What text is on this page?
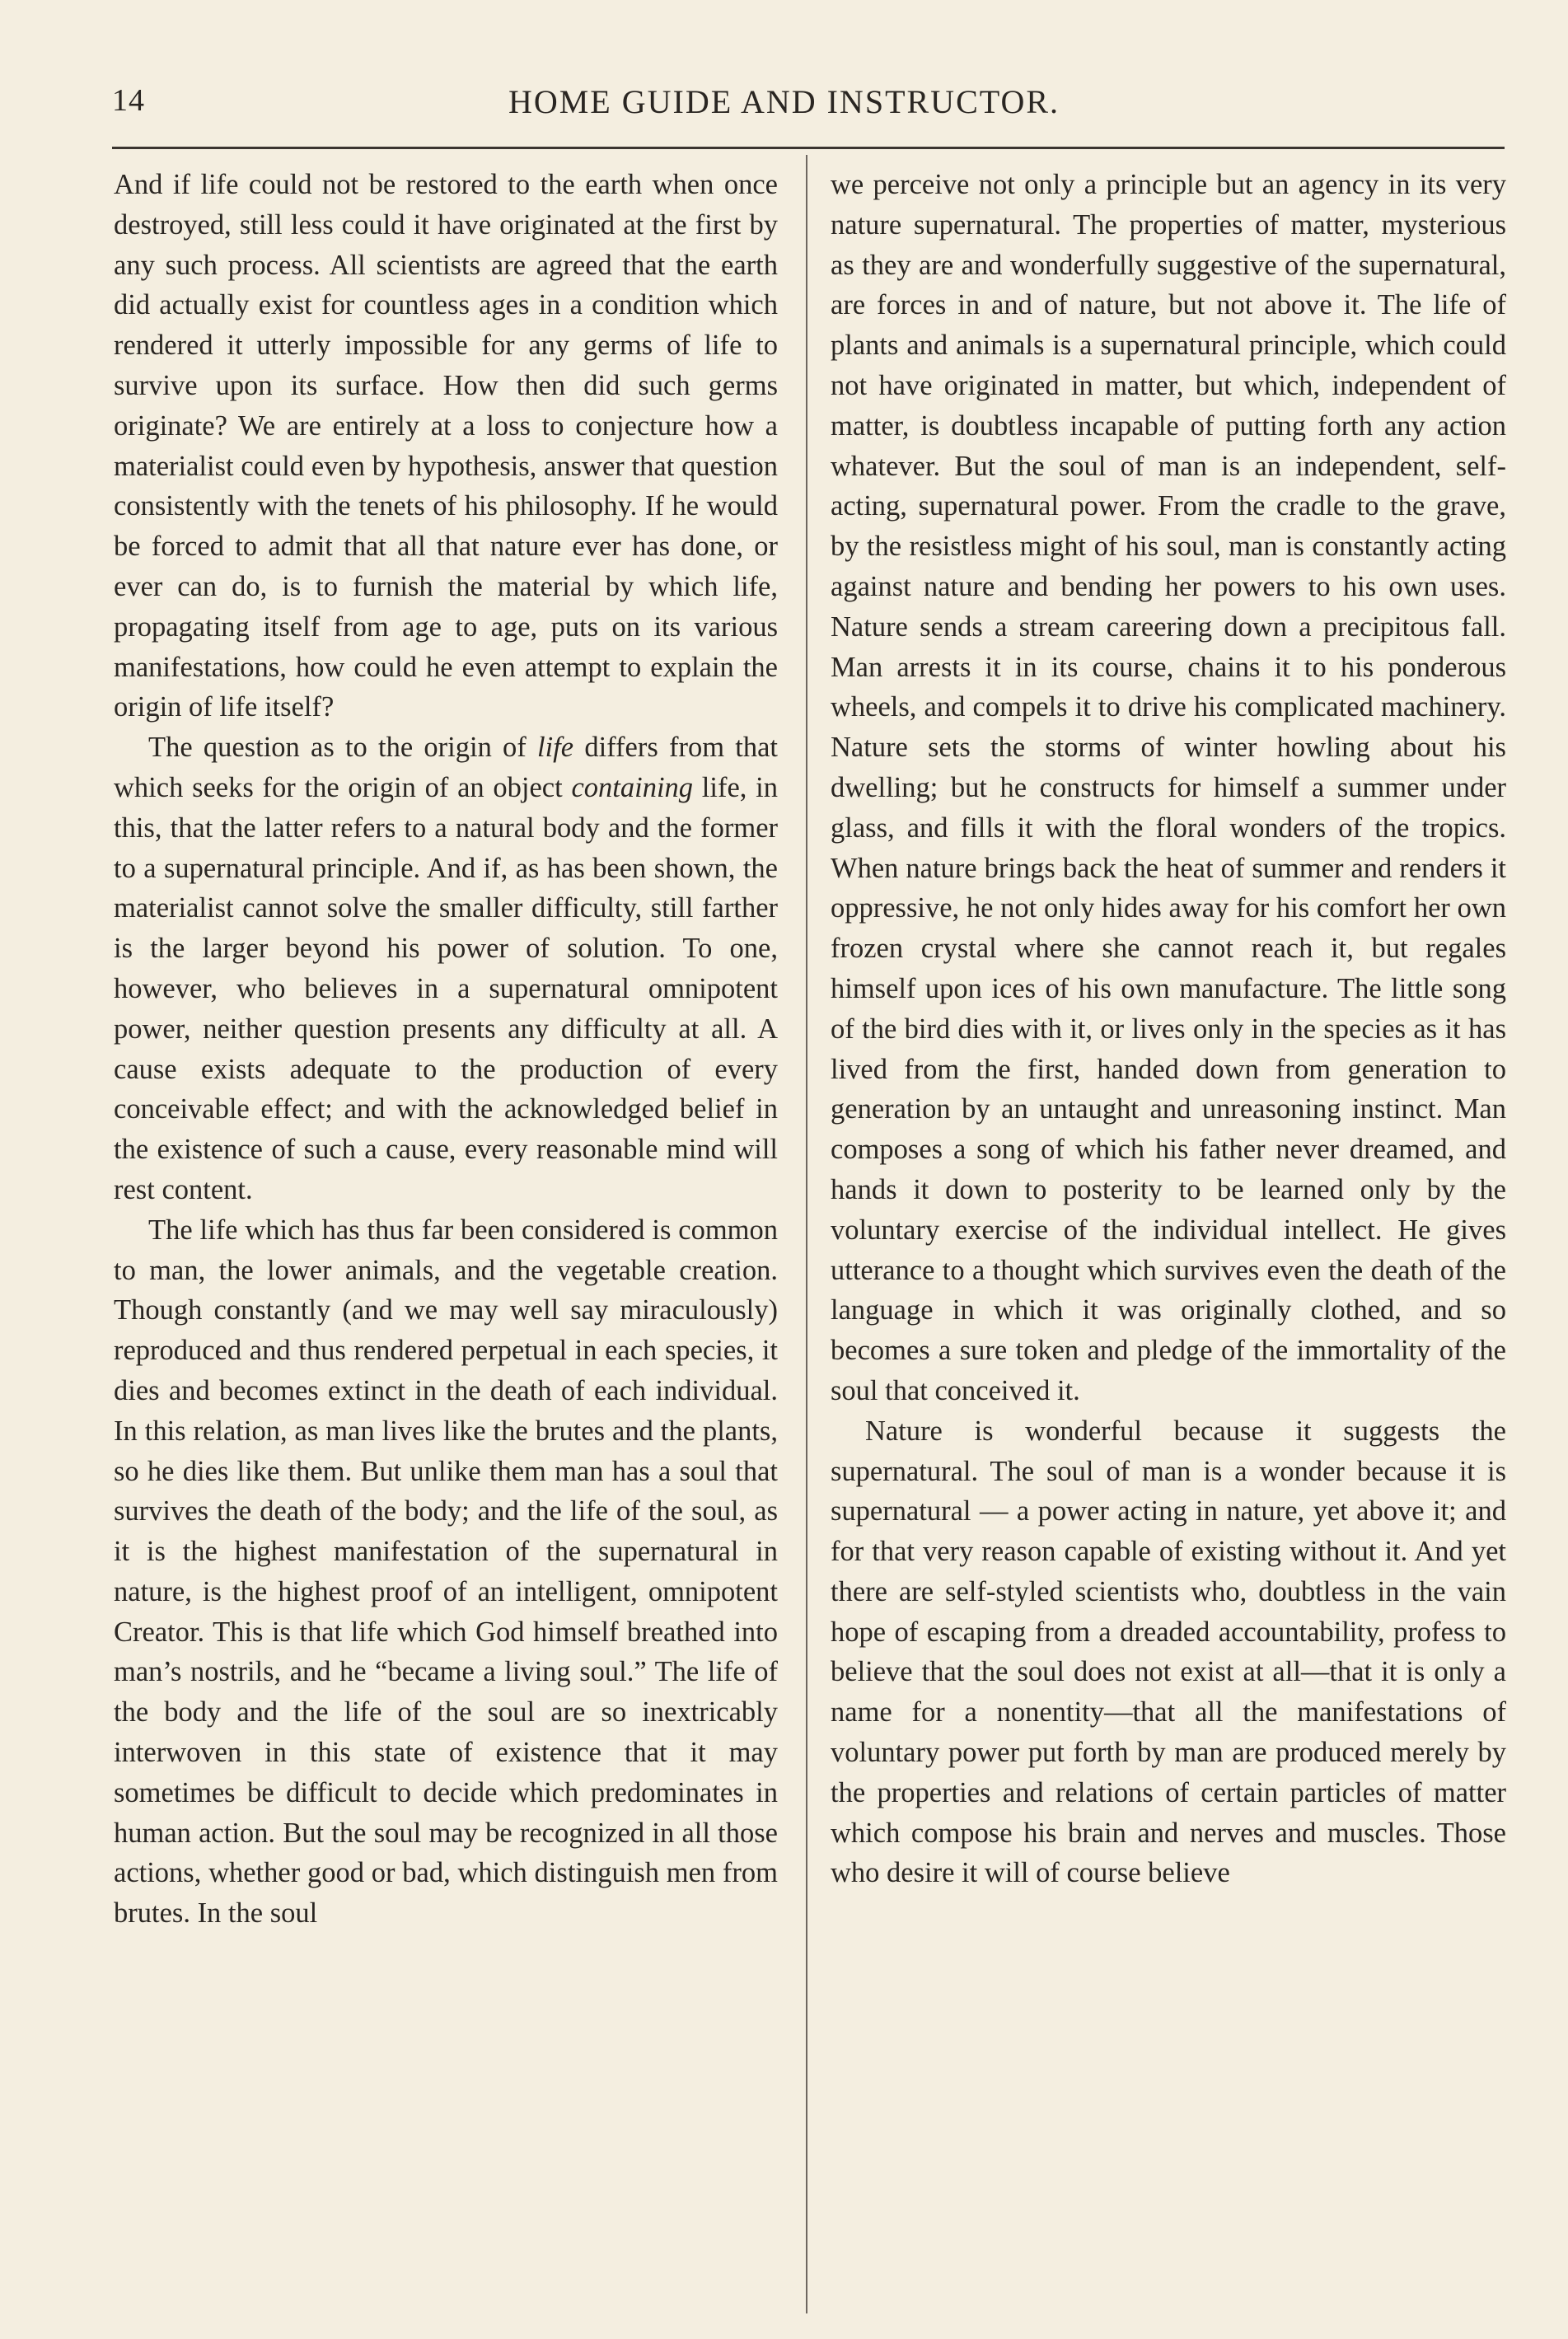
14	HOME GUIDE AND INSTRUCTOR.

And if life could not be restored to the earth when once destroyed, still less could it have originated at the first by any such process. All scientists are agreed that the earth did actually exist for countless ages in a condition which rendered it utterly impossible for any germs of life to survive upon its surface. How then did such germs originate? We are entirely at a loss to conjecture how a materialist could even by hypothesis, answer that question consistently with the tenets of his philosophy. If he would be forced to admit that all that nature ever has done, or ever can do, is to furnish the material by which life, propagating itself from age to age, puts on its various manifestations, how could he even attempt to explain the origin of life itself?

The question as to the origin of life differs from that which seeks for the origin of an object containing life, in this, that the latter refers to a natural body and the former to a supernatural principle. And if, as has been shown, the materialist cannot solve the smaller difficulty, still farther is the larger beyond his power of solution. To one, however, who believes in a supernatural omnipotent power, neither question presents any difficulty at all. A cause exists adequate to the production of every conceivable effect; and with the acknowledged belief in the existence of such a cause, every reasonable mind will rest content.

The life which has thus far been considered is common to man, the lower animals, and the vegetable creation. Though constantly (and we may well say miraculously) reproduced and thus rendered perpetual in each species, it dies and becomes extinct in the death of each individual. In this relation, as man lives like the brutes and the plants, so he dies like them. But unlike them man has a soul that survives the death of the body; and the life of the soul, as it is the highest manifestation of the supernatural in nature, is the highest proof of an intelligent, omnipotent Creator. This is that life which God himself breathed into man’s nostrils, and he “became a living soul.” The life of the body and the life of the soul are so inextricably interwoven in this state of existence that it may sometimes be difficult to decide which predominates in human action. But the soul may be recognized in all those actions, whether good or bad, which distinguish men from brutes. In the soul

we perceive not only a principle but an agency in its very nature supernatural. The properties of matter, mysterious as they are and wonderfully suggestive of the supernatural, are forces in and of nature, but not above it. The life of plants and animals is a supernatural principle, which could not have originated in matter, but which, independent of matter, is doubtless incapable of putting forth any action whatever. But the soul of man is an independent, self-acting, supernatural power. From the cradle to the grave, by the resistless might of his soul, man is constantly acting against nature and bending her powers to his own uses. Nature sends a stream careering down a precipitous fall. Man arrests it in its course, chains it to his ponderous wheels, and compels it to drive his complicated machinery. Nature sets the storms of winter howling about his dwelling; but he constructs for himself a summer under glass, and fills it with the floral wonders of the tropics. When nature brings back the heat of summer and renders it oppressive, he not only hides away for his comfort her own frozen crystal where she cannot reach it, but regales himself upon ices of his own manufacture. The little song of the bird dies with it, or lives only in the species as it has lived from the first, handed down from generation to generation by an untaught and unreasoning instinct. Man composes a song of which his father never dreamed, and hands it down to posterity to be learned only by the voluntary exercise of the individual intellect. He gives utterance to a thought which survives even the death of the language in which it was originally clothed, and so becomes a sure token and pledge of the immortality of the soul that conceived it.

Nature is wonderful because it suggests the supernatural. The soul of man is a wonder because it is supernatural — a power acting in nature, yet above it; and for that very reason capable of existing without it. And yet there are self-styled scientists who, doubtless in the vain hope of escaping from a dreaded accountability, profess to believe that the soul does not exist at all—that it is only a name for a nonentity—that all the manifestations of voluntary power put forth by man are produced merely by the properties and relations of certain particles of matter which compose his brain and nerves and muscles. Those who desire it will of course believe
